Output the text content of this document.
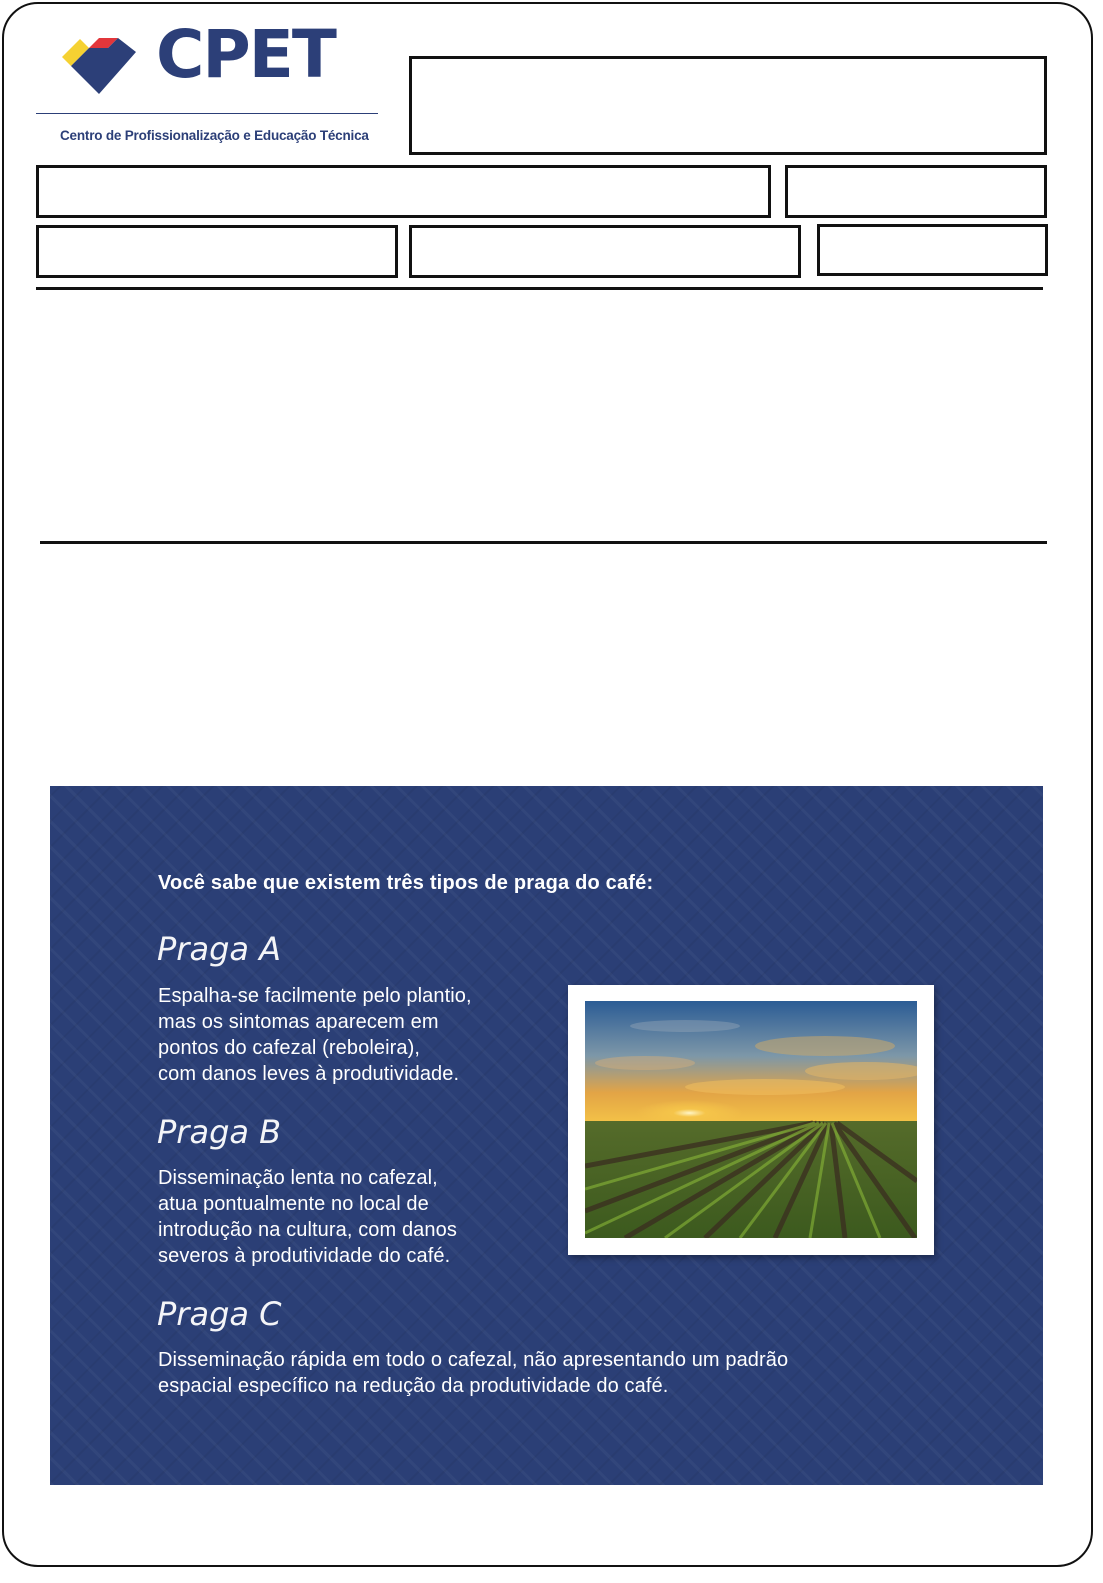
CPET
Centro de Profissionalização e Educação Técnica
Você sabe que existem três tipos de praga do café:
Praga A
Espalha-se facilmente pelo plantio,
mas os sintomas aparecem em
pontos do cafezal (reboleira),
com danos leves à produtividade.
Praga B
Disseminação lenta no cafezal,
atua pontualmente no local de
introdução na cultura, com danos
severos à produtividade do café.
Praga C
Disseminação rápida em todo o cafezal, não apresentando um padrão
espacial específico na redução da produtividade do café.
